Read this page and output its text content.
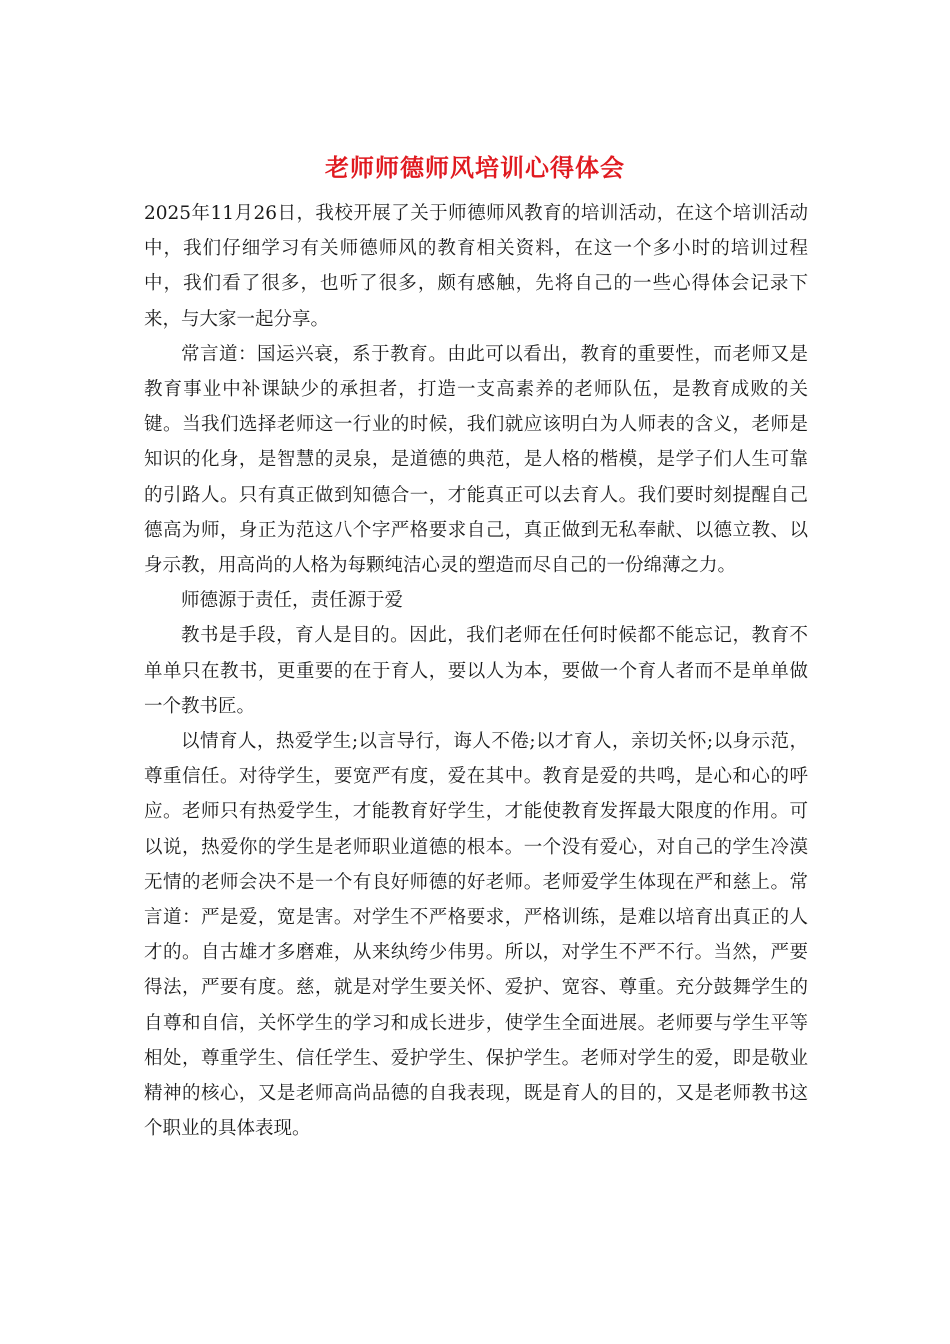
老师师德师风培训心得体会

2025年11月26日，我校开展了关于师德师风教育的培训活动，在这个培训活动中，我们仔细学习有关师德师风的教育相关资料，在这一个多小时的培训过程中，我们看了很多，也听了很多，颇有感触，先将自己的一些心得体会记录下来，与大家一起分享。

常言道：国运兴衰，系于教育。由此可以看出，教育的重要性，而老师又是教育事业中补课缺少的承担者，打造一支高素养的老师队伍，是教育成败的关键。当我们选择老师这一行业的时候，我们就应该明白为人师表的含义，老师是知识的化身，是智慧的灵泉，是道德的典范，是人格的楷模，是学子们人生可靠的引路人。只有真正做到知德合一，才能真正可以去育人。我们要时刻提醒自己德高为师，身正为范这八个字严格要求自己，真正做到无私奉献、以德立教、以身示教，用高尚的人格为每颗纯洁心灵的塑造而尽自己的一份绵薄之力。

师德源于责任，责任源于爱

教书是手段，育人是目的。因此，我们老师在任何时候都不能忘记，教育不单单只在教书，更重要的在于育人，要以人为本，要做一个育人者而不是单单做一个教书匠。

以情育人，热爱学生;以言导行，诲人不倦;以才育人，亲切关怀;以身示范，尊重信任。对待学生，要宽严有度，爱在其中。教育是爱的共鸣，是心和心的呼应。老师只有热爱学生，才能教育好学生，才能使教育发挥最大限度的作用。可以说，热爱你的学生是老师职业道德的根本。一个没有爱心，对自己的学生冷漠无情的老师会决不是一个有良好师德的好老师。老师爱学生体现在严和慈上。常言道：严是爱，宽是害。对学生不严格要求，严格训练，是难以培育出真正的人才的。自古雄才多磨难，从来纨绔少伟男。所以，对学生不严不行。当然，严要得法，严要有度。慈，就是对学生要关怀、爱护、宽容、尊重。充分鼓舞学生的自尊和自信，关怀学生的学习和成长进步，使学生全面进展。老师要与学生平等相处，尊重学生、信任学生、爱护学生、保护学生。老师对学生的爱，即是敬业精神的核心，又是老师高尚品德的自我表现，既是育人的目的，又是老师教书这个职业的具体表现。
